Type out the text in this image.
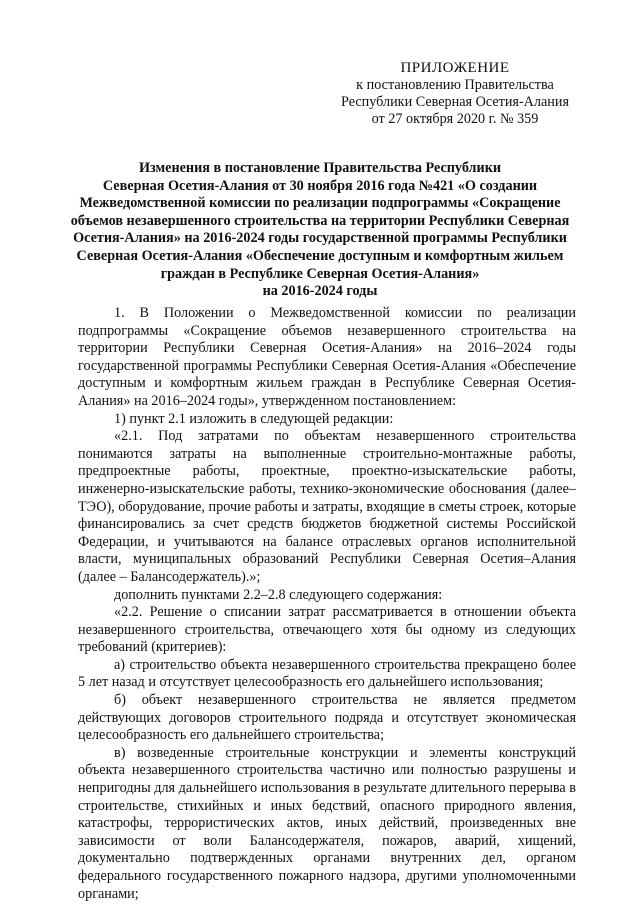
ПРИЛОЖЕНИЕ
к постановлению Правительства
Республики Северная Осетия-Алания
от 27 октября 2020 г. № 359
Изменения в постановление Правительства Республики
Северная Осетия-Алания от 30 ноября 2016 года №421 «О создании
Межведомственной комиссии по реализации подпрограммы «Сокращение
объемов незавершенного строительства на территории Республики Северная
Осетия-Алания» на 2016-2024 годы государственной программы Республики
Северная Осетия-Алания «Обеспечение доступным и комфортным жильем
граждан в Республике Северная Осетия-Алания»
на 2016-2024 годы

1. В Положении о Межведомственной комиссии по реализации подпрограммы «Сокращение объемов незавершенного строительства на территории Республики Северная Осетия-Алания» на 2016–2024 годы государственной программы Республики Северная Осетия-Алания «Обеспечение доступным и комфортным жильем граждан в Республике Северная Осетия-Алания» на 2016–2024 годы», утвержденном постановлением:

1) пункт 2.1 изложить в следующей редакции:

«2.1. Под затратами по объектам незавершенного строительства понимаются затраты на выполненные строительно-монтажные работы, предпроектные работы, проектные, проектно-изыскательские работы, инженерно-изыскательские работы, технико-экономические обоснования (далее–ТЭО), оборудование, прочие работы и затраты, входящие в сметы строек, которые финансировались за счет средств бюджетов бюджетной системы Российской Федерации, и учитываются на балансе отраслевых органов исполнительной власти, муниципальных образований Республики Северная Осетия–Алания (далее – Балансодержатель).»;

дополнить пунктами 2.2–2.8 следующего содержания:

«2.2. Решение о списании затрат рассматривается в отношении объекта незавершенного строительства, отвечающего хотя бы одному из следующих требований (критериев):

а) строительство объекта незавершенного строительства прекращено более 5 лет назад и отсутствует целесообразность его дальнейшего использования;

б) объект незавершенного строительства не является предметом действующих договоров строительного подряда и отсутствует экономическая целесообразность его дальнейшего строительства;

в) возведенные строительные конструкции и элементы конструкций объекта незавершенного строительства частично или полностью разрушены и непригодны для дальнейшего использования в результате длительного перерыва в строительстве, стихийных и иных бедствий, опасного природного явления, катастрофы, террористических актов, иных действий, произведенных вне зависимости от воли Балансодержателя, пожаров, аварий, хищений, документально подтвержденных органами внутренних дел, органом федерального государственного пожарного надзора, другими уполномоченными органами;
